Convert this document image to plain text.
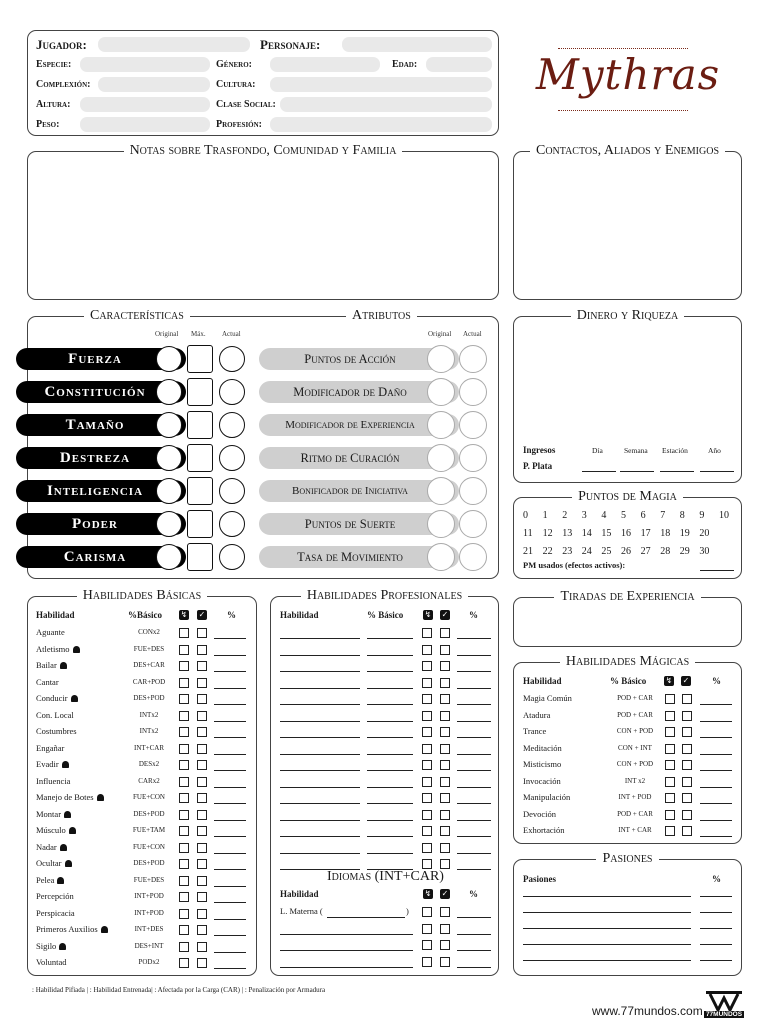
Jugador:	Personaje:
Especie:	Género:	Edad:
Complexión:	Cultura:
Altura:	Clase Social:
Peso:	Profesión:
Mythras
Notas sobre Trasfondo, Comunidad y Familia	Contactos, Aliados y Enemigos
Características	Atributos
Original Máx. Actual	Original Actual
Fuerza
Constitución
Tamaño
Destreza
Inteligencia
Poder
Carisma
Puntos de Acción
Modificador de Daño
Modificador de Experiencia
Ritmo de Curación
Bonificador de Iniciativa
Puntos de Suerte
Tasa de Movimiento
Dinero y Riqueza
Ingresos	Día	Semana Estación	Año
P. Plata
Puntos de Magia
0 1 2 3 4 5 6 7 8 9 10
11 12 13 14 15 16 17 18 19 20
21 22 23 24 25 26 27 28 29 30
PM usados (efectos activos):
Habilidades Básicas
Habilidad	%Básico ↯ ✓ %
Aguante	CONx2
Atletismo	FUE+DES
Bailar	DES+CAR
Cantar	CAR+POD
Conducir	DES+POD
Con. Local	INTx2
Costumbres	INTx2
Engañar	INT+CAR
Evadir	DESx2
Influencia	CARx2
Manejo de Botes	FUE+CON
Montar	DES+POD
Músculo	FUE+TAM
Nadar	FUE+CON
Ocultar	DES+POD
Pelea	FUE+DES
Percepción	INT+POD
Perspicacia	INT+POD
Primeros Auxilios	INT+DES
Sigilo	DES+INT
Voluntad	PODx2
Habilidades Profesionales
Habilidad	% Básico	↯ ✓ %
Idiomas (INT+CAR)
Habilidad	↯ ✓ %
L. Materna (	)
Tiradas de Experiencia
Habilidades Mágicas
Habilidad	% Básico ↯ ✓	%
Magia Común	POD + CAR
Atadura	POD + CAR
Trance	CON + POD
Meditación	CON + INT
Misticismo	CON + POD
Invocación	INT x2
Manipulación	INT + POD
Devoción	POD + CAR
Exhortación	INT + CAR
Pasiones
Pasiones	%
: Habilidad Pifiada | : Habilidad Entrenada| : Afectada por la Carga (CAR) | : Penalización por Armadura
www.77mundos.com 77MUNDOS
